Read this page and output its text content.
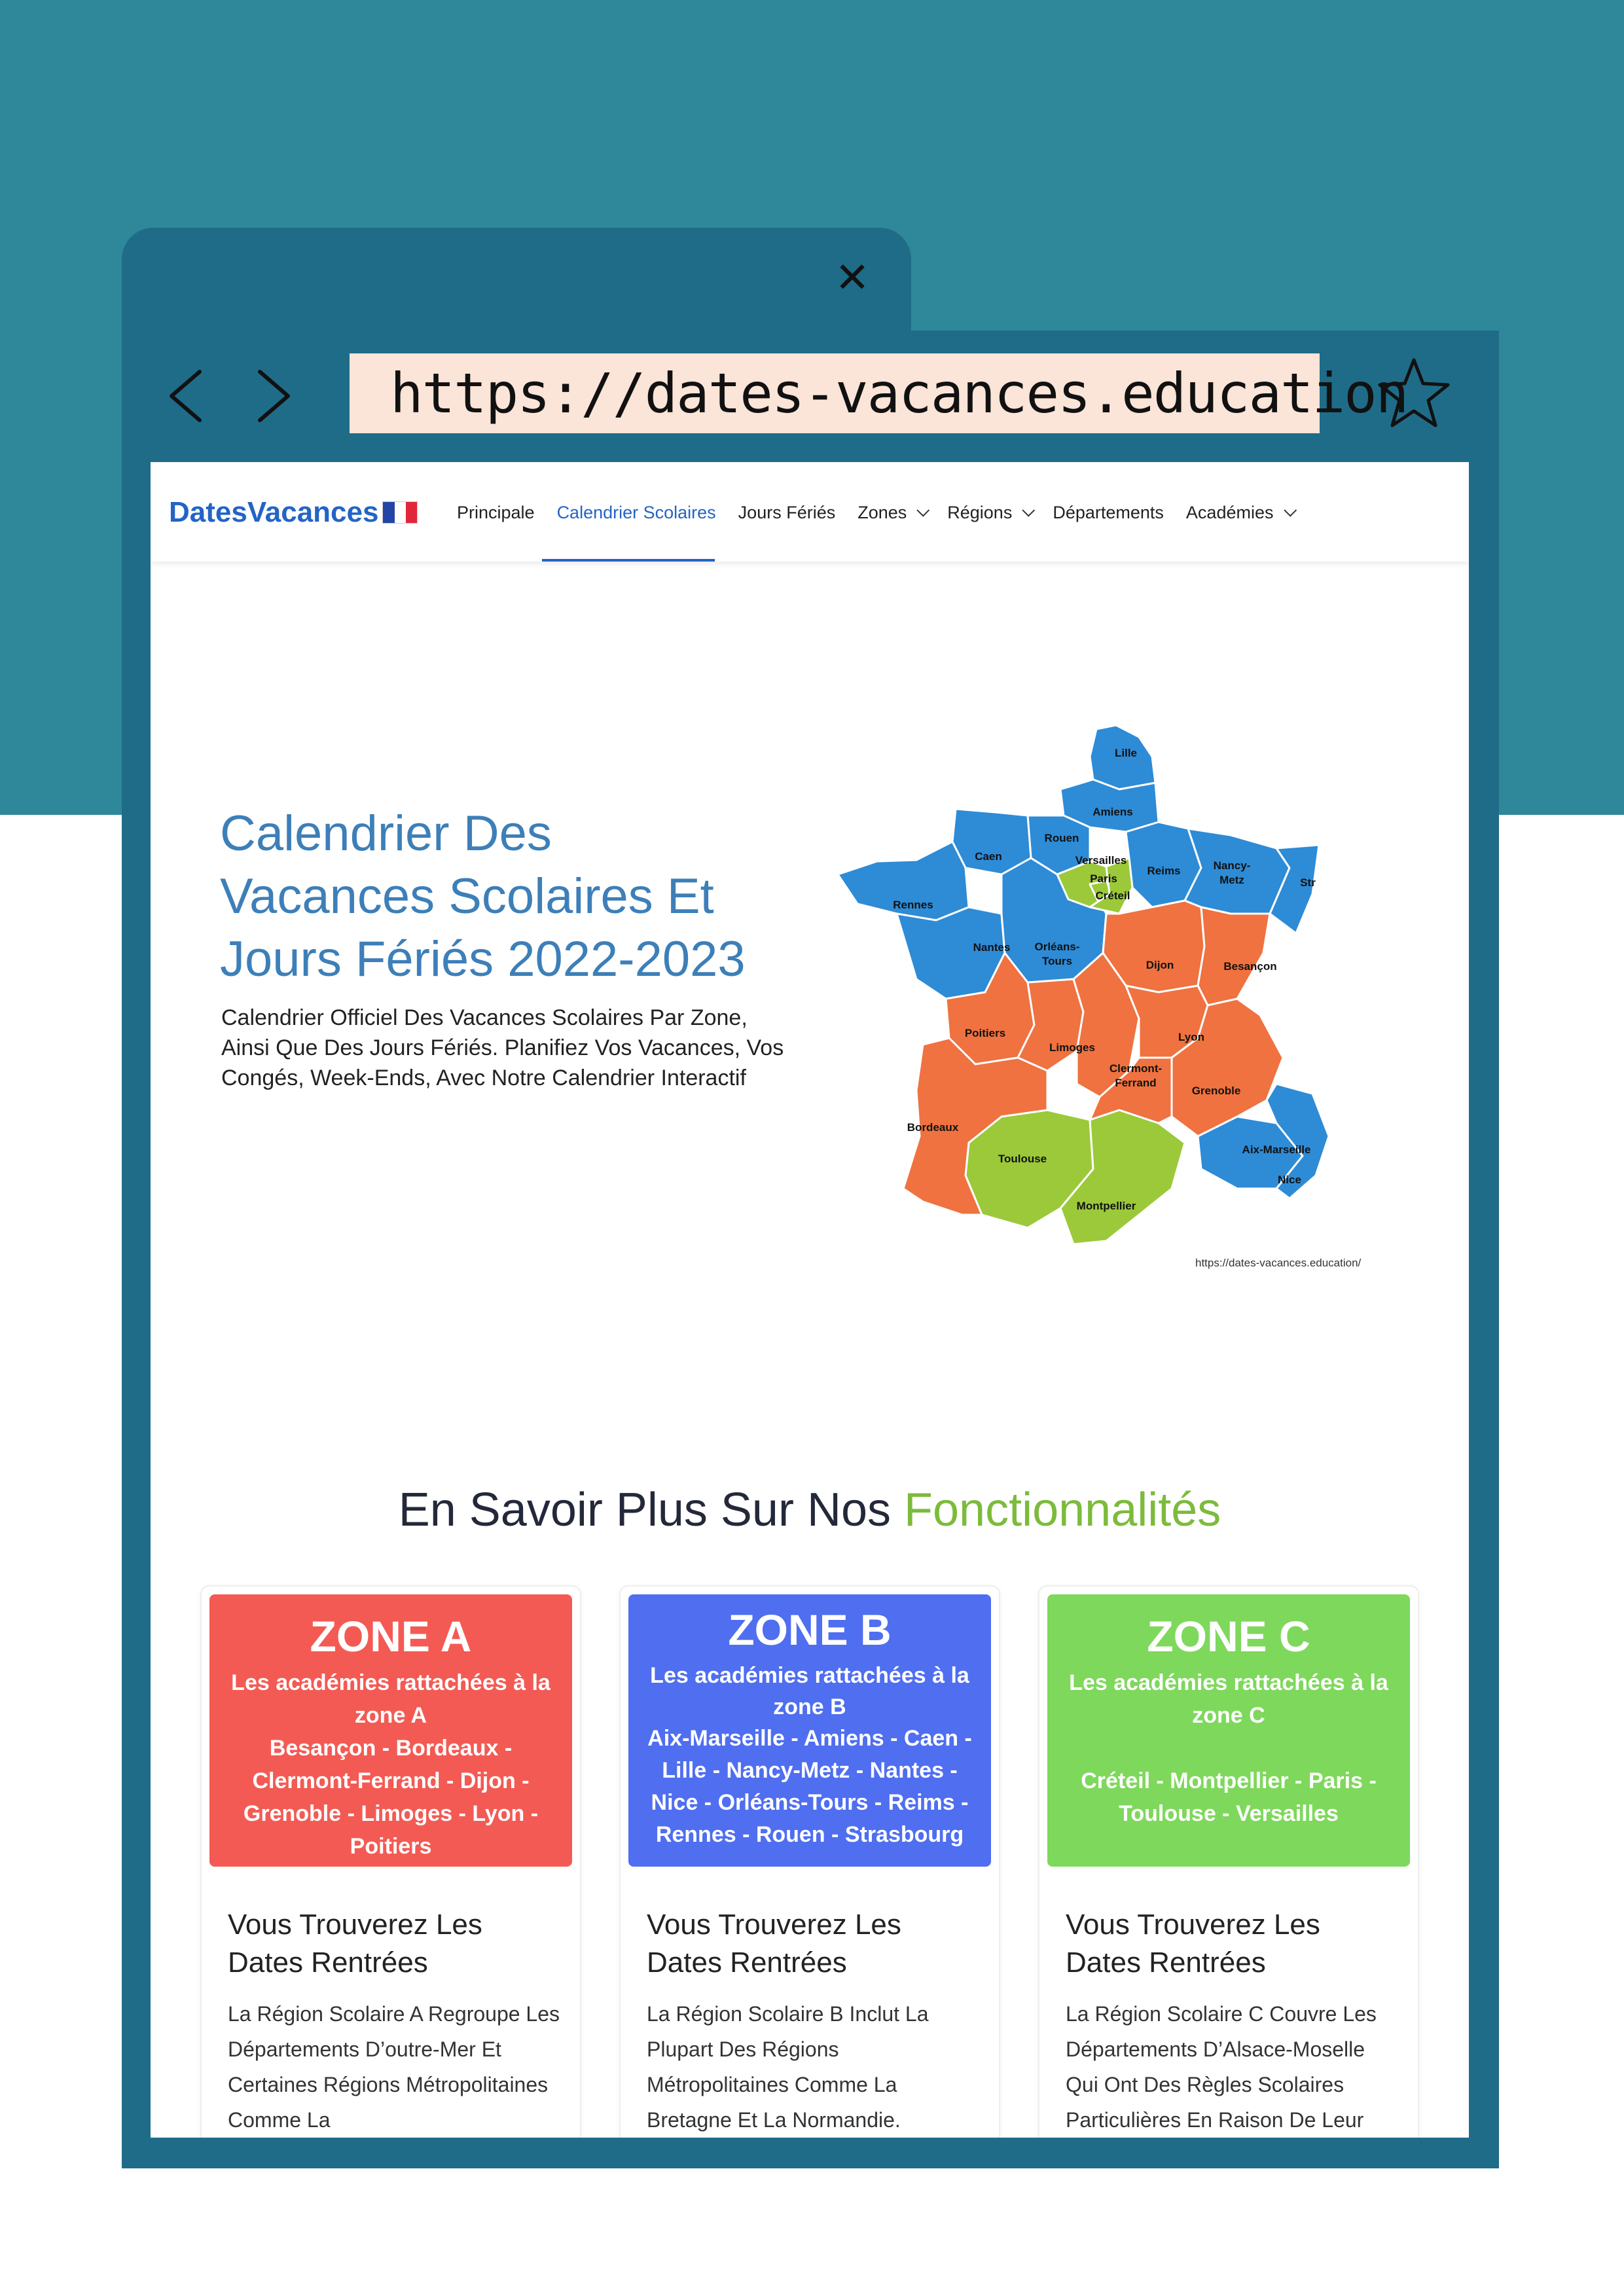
✕
https://dates-vacances.education
DatesVacances	Principale Calendrier Scolaires Jours Fériés Zones Régions Départements Académies
Calendrier Des
Vacances Scolaires Et
Jours Fériés 2022-2023
Calendrier Officiel Des Vacances Scolaires Par Zone, Ainsi Que Des Jours Fériés. Planifiez Vos Vacances, Vos Congés, Week-Ends, Avec Notre Calendrier Interactif
Lille
Amiens
Rouen
Caen	Versailles
Paris
Créteil
Reims	Nancy-
Metz	Str
Rennes
Nantes Orléans-
Tours	Dijon	Besançon
Poitiers
Limoges
Lyon
Clermont-
Ferrand
Grenoble
Bordeaux
Toulouse
Aix-Marseille
Nice
Montpellier
https://dates-vacances.education/
En Savoir Plus Sur Nos Fonctionnalités
ZONE A
Les académies rattachées à la zone A
Besançon - Bordeaux - Clermont-Ferrand - Dijon - Grenoble - Limoges - Lyon - Poitiers
Vous Trouverez Les Dates Rentrées
La Région Scolaire A Regroupe Les Départements D’outre-Mer Et Certaines Régions Métropolitaines Comme La
ZONE B
Les académies rattachées à la zone B
Aix-Marseille - Amiens - Caen - Lille - Nancy-Metz - Nantes - Nice - Orléans-Tours - Reims - Rennes - Rouen - Strasbourg
Vous Trouverez Les Dates Rentrées
La Région Scolaire B Inclut La Plupart Des Régions Métropolitaines Comme La Bretagne Et La Normandie.
ZONE C
Les académies rattachées à la zone C
Créteil - Montpellier - Paris - Toulouse - Versailles
Vous Trouverez Les Dates Rentrées
La Région Scolaire C Couvre Les Départements D’Alsace-Moselle Qui Ont Des Règles Scolaires Particulières En Raison De Leur
